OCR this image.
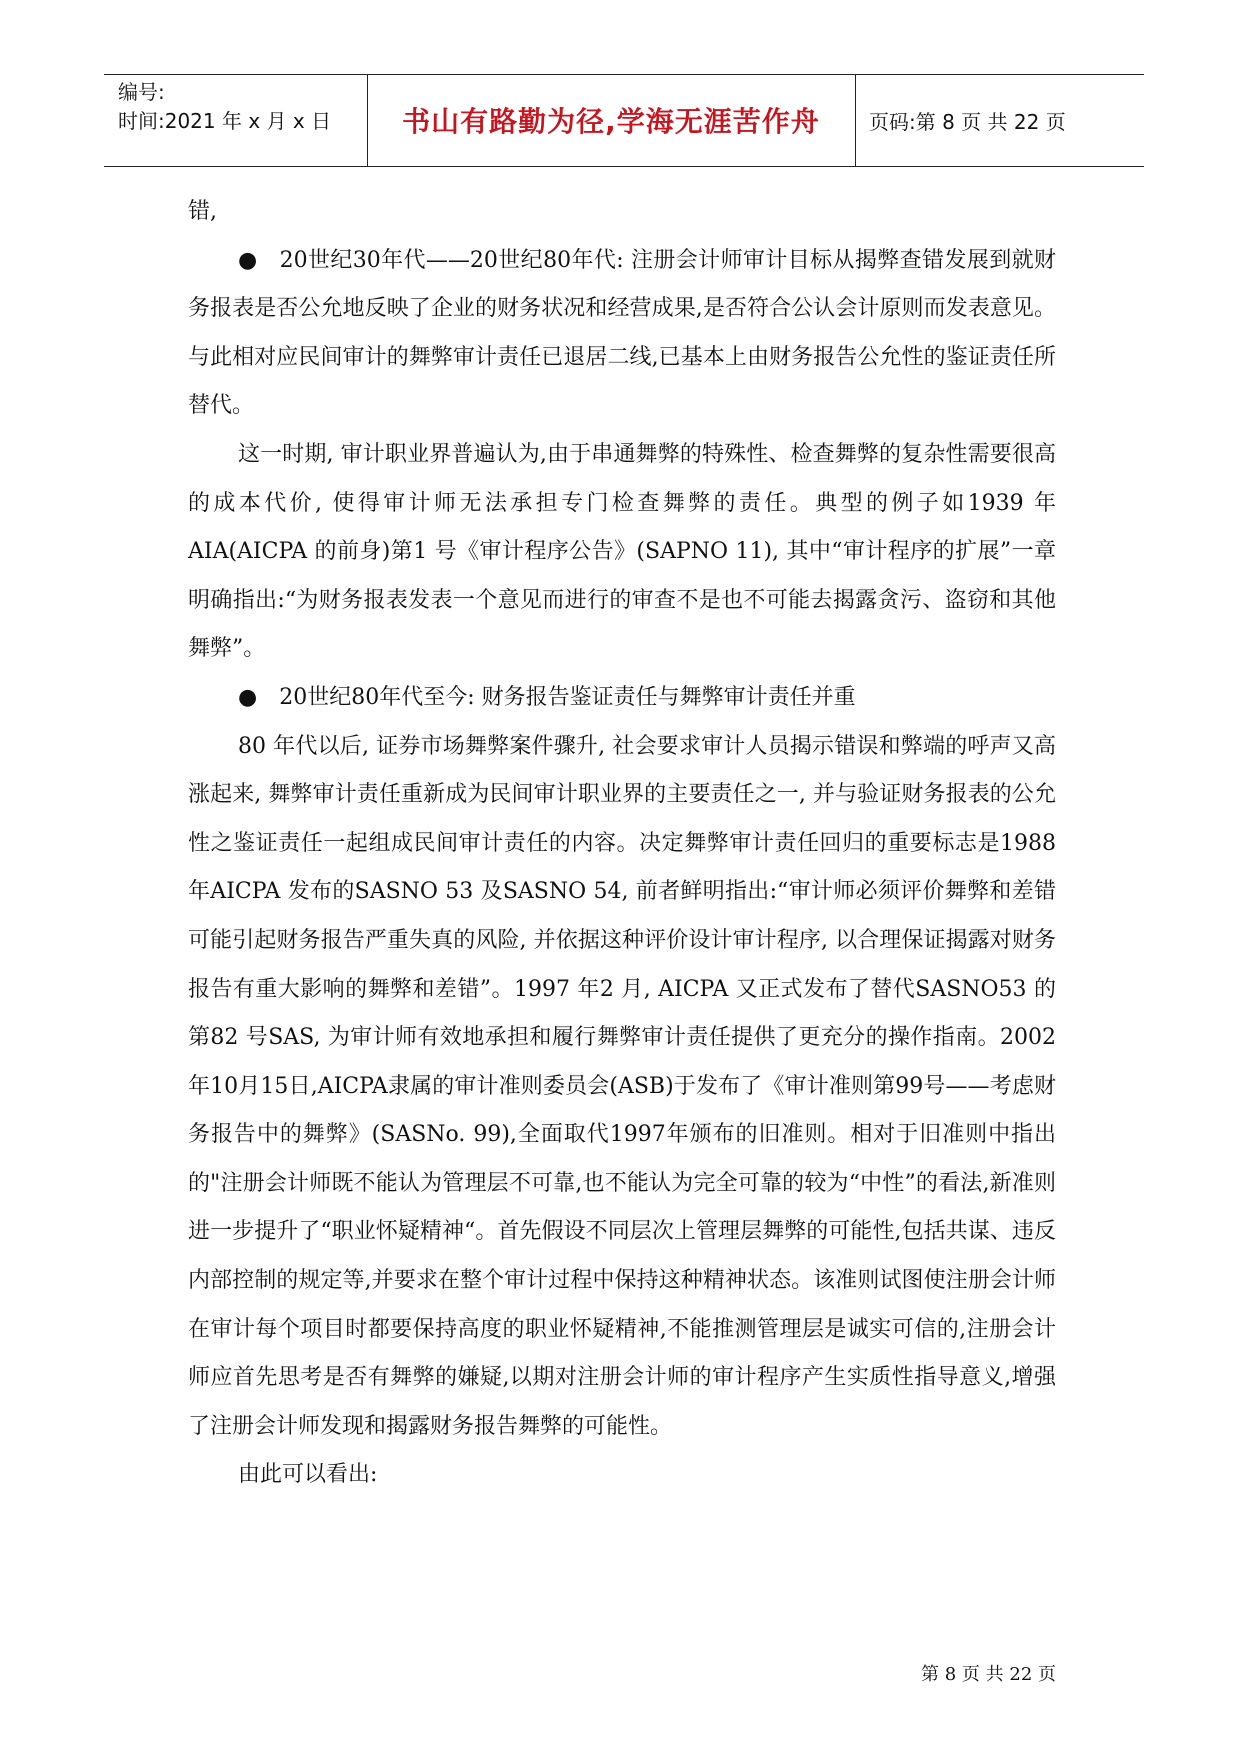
编号:
时间:2021 年 x 月 x 日	书山有路勤为径,学海无涯苦作舟	页码:第 8 页 共 22 页

错,

● 20世纪30年代——20世纪80年代: 注册会计师审计目标从揭弊查错发展到就财务报表是否公允地反映了企业的财务状况和经营成果,是否符合公认会计原则而发表意见。与此相对应民间审计的舞弊审计责任已退居二线,已基本上由财务报告公允性的鉴证责任所替代。

这一时期, 审计职业界普遍认为,由于串通舞弊的特殊性、检查舞弊的复杂性需要很高的成本代价, 使得审计师无法承担专门检查舞弊的责任。典型的例子如1939 年AIA(AICPA 的前身)第1 号《审计程序公告》(SAPNO 11), 其中“审计程序的扩展”一章明确指出:“为财务报表发表一个意见而进行的审查不是也不可能去揭露贪污、盗窃和其他舞弊”。

● 20世纪80年代至今: 财务报告鉴证责任与舞弊审计责任并重

80 年代以后, 证券市场舞弊案件骤升, 社会要求审计人员揭示错误和弊端的呼声又高涨起来, 舞弊审计责任重新成为民间审计职业界的主要责任之一, 并与验证财务报表的公允性之鉴证责任一起组成民间审计责任的内容。决定舞弊审计责任回归的重要标志是1988 年AICPA 发布的SASNO 53 及SASNO 54, 前者鲜明指出:“审计师必须评价舞弊和差错可能引起财务报告严重失真的风险, 并依据这种评价设计审计程序, 以合理保证揭露对财务报告有重大影响的舞弊和差错”。1997 年2 月, AICPA 又正式发布了替代SASNO53 的第82 号SAS, 为审计师有效地承担和履行舞弊审计责任提供了更充分的操作指南。2002年10月15日,AICPA隶属的审计准则委员会(ASB)于发布了《审计准则第99号——考虑财务报告中的舞弊》(SASNo. 99),全面取代1997年颁布的旧准则。相对于旧准则中指出的"注册会计师既不能认为管理层不可靠,也不能认为完全可靠的较为“中性”的看法,新准则进一步提升了“职业怀疑精神“。首先假设不同层次上管理层舞弊的可能性,包括共谋、违反内部控制的规定等,并要求在整个审计过程中保持这种精神状态。该准则试图使注册会计师在审计每个项目时都要保持高度的职业怀疑精神,不能推测管理层是诚实可信的,注册会计师应首先思考是否有舞弊的嫌疑,以期对注册会计师的审计程序产生实质性指导意义,增强了注册会计师发现和揭露财务报告舞弊的可能性。

由此可以看出:

第 8 页 共 22 页
